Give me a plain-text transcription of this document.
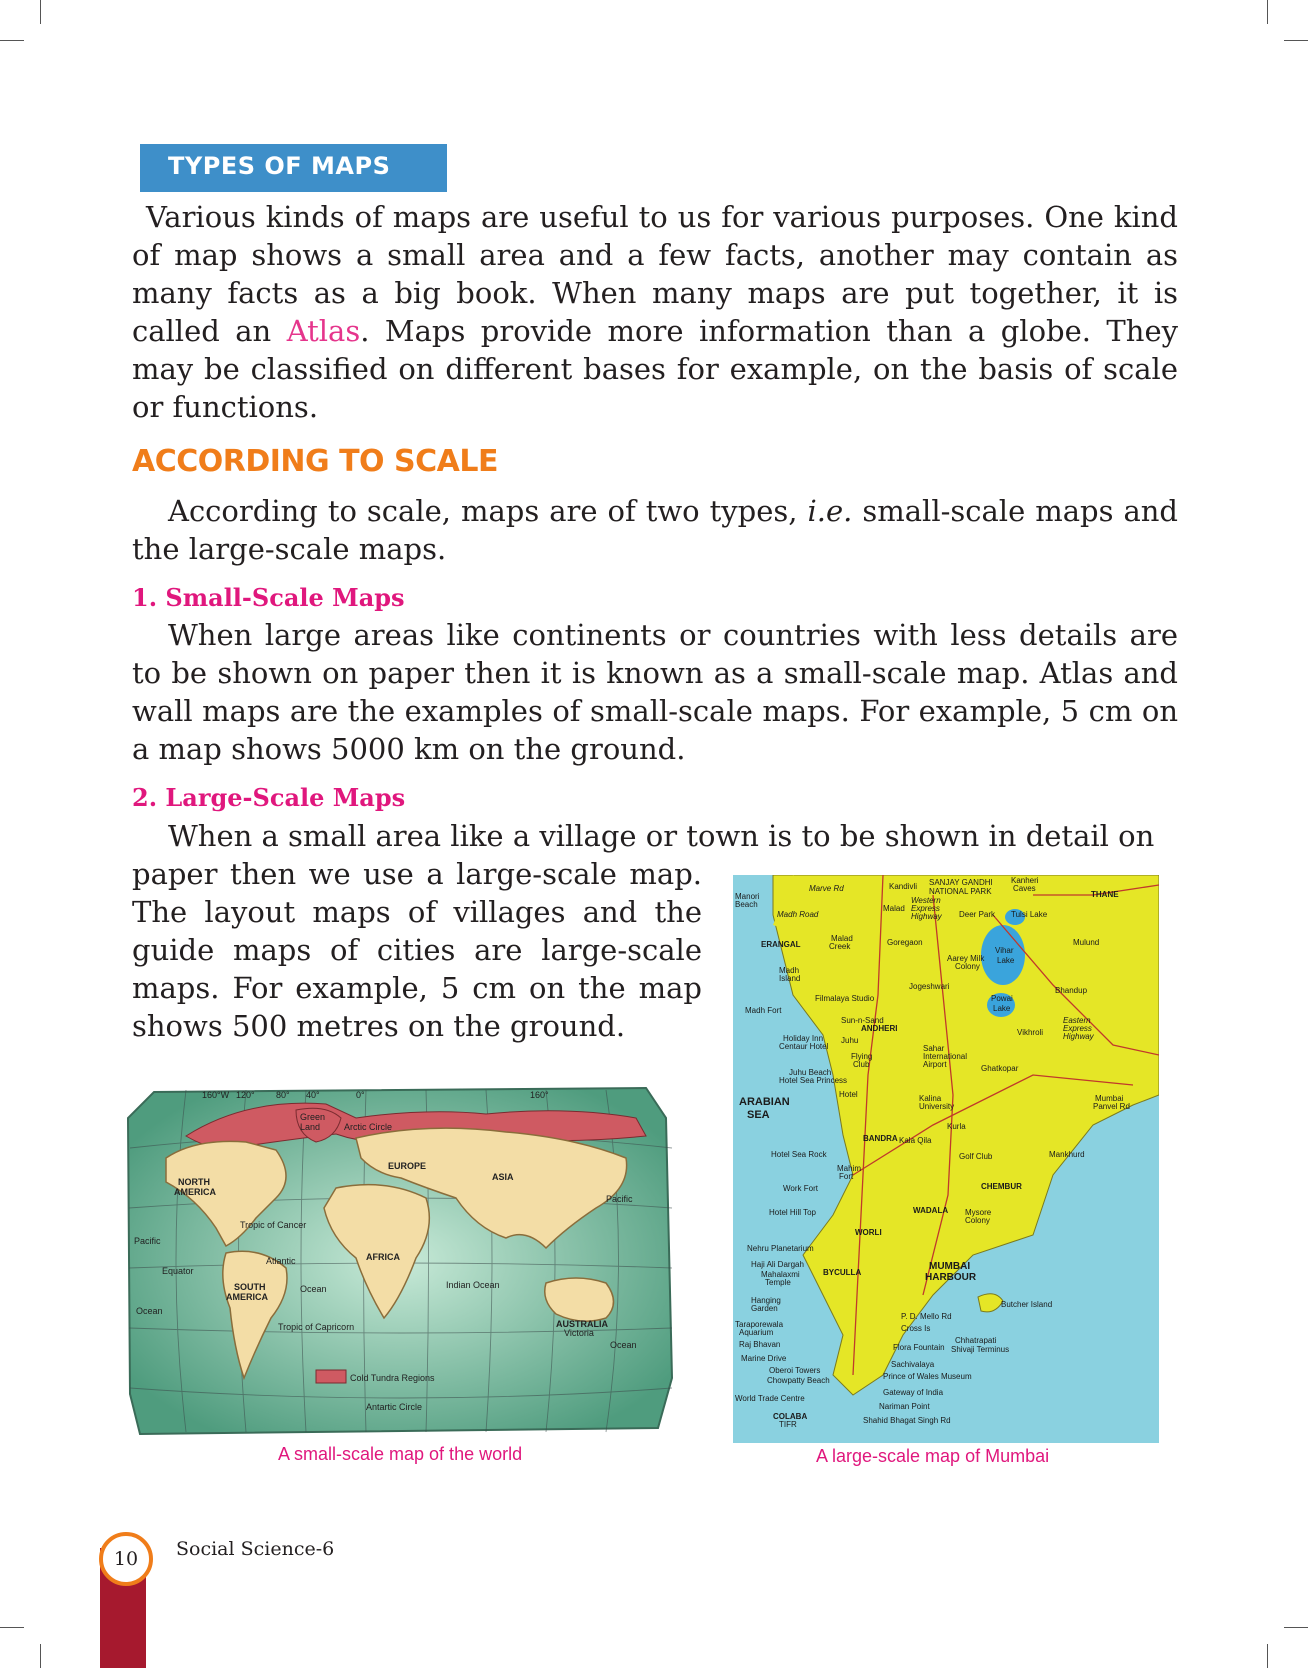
TYPES OF MAPS

Various kinds of maps are useful to us for various purposes. One kind of map shows a small area and a few facts, another may contain as many facts as a big book. When many maps are put together, it is called an Atlas. Maps provide more information than a globe. They may be classified on different bases for example, on the basis of scale or functions.

ACCORDING TO SCALE

According to scale, maps are of two types, i.e. small-scale maps and the large-scale maps.

1. Small-Scale Maps

When large areas like continents or countries with less details are to be shown on paper then it is known as a small-scale map. Atlas and wall maps are the examples of small-scale maps. For example, 5 cm on a map shows 5000 km on the ground.

2. Large-Scale Maps

When a small area like a village or town is to be shown in detail on

paper then we use a large-scale map. The layout maps of villages and the guide maps of cities are large-scale maps. For example, 5 cm on the map shows 500 metres on the ground.

NORTH
AMERICA
SOUTH
AMERICA
EUROPE
ASIA
AFRICA
AUSTRALIA
Victoria
Green
Land	Arctic Circle
Tropic of Cancer
Tropic of Capricorn
Equator
Antartic Circle
Atlantic
Ocean	Indian Ocean
Pacific
Pacific
Ocean
Ocean
Cold Tundra Regions
160°W 120° 80° 40°	0°	160°
A small-scale map of the world
ARABIAN
SEA
MUMBAI
HARBOUR
THANE
SANJAY GANDHI
NATIONAL PARK
Kanheri
Caves
Manori
Beach
ERANGAL
Madh
Island
Madh Fort
Deer Park Tulsi Lake
Vihar
Lake
Powai
Lake
Aarey Milk
Colony
Malad
Creek
Holiday Inn
Centaur Hotel
Juhu Beach
Hotel Sea Princess
Sahar
International
Airport
Kalina
University
BANDRA Kala Qila
Hotel Sea Rock
Mahim
Fort
Work Fort
Hotel Hill Top	WADALA Mysore
Colony
CHEMBUR
Nehru Planetarium
Haji Ali Dargah
Mahalaxmi
Temple
Hanging
Garden
Taraporewala
Aquarium
Raj Bhavan
Marine Drive
Oberoi Towers
Chowpatty Beach
World Trade Centre
COLABA
TIFR
P. D. Mello Rd
Cross Is
Chhatrapati
Shivaji Terminus
Flora Fountain
Sachivalaya
Prince of Wales Museum
Gateway of India
Nariman Point
Shahid Bhagat Singh Rd
Butcher Island
Mumbai
Panvel Rd
BYCULLA
WORLI
Mankhurd
Golf Club
Kurla
Mulund
Bhandup
Vikhroli
ANDHERI
Jogeshwari
Goregaon
Malad
Kandivli
Ghatkopar
Sun-n-Sand
Hotel
Juhu
Flying
Club
Filmalaya Studio
Eastern
Express
Highway
Western
Express
Highway
Marve Rd
Madh Road
A large-scale map of Mumbai
10	Social Science-6
